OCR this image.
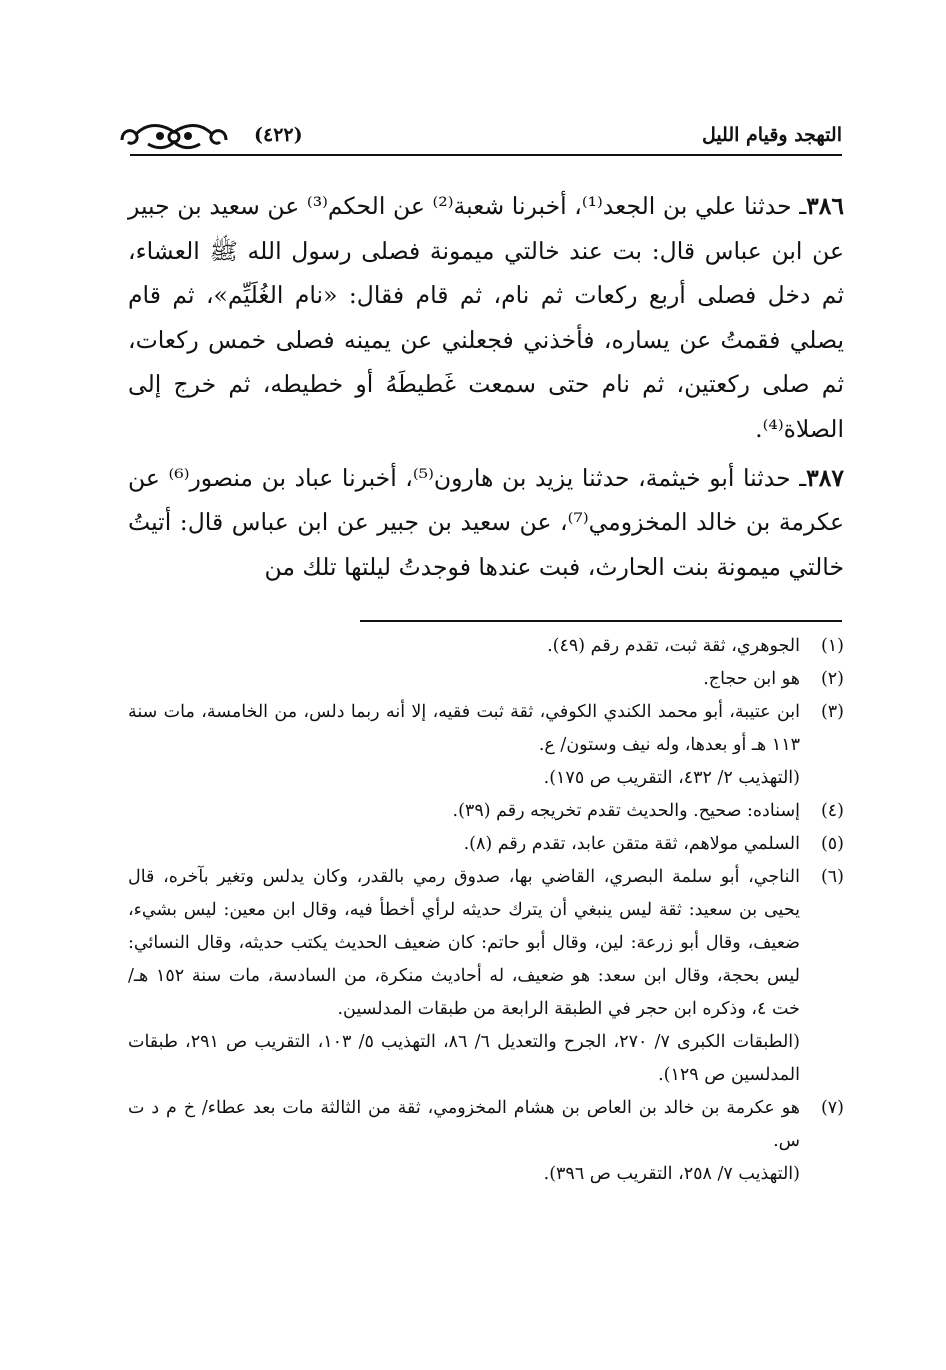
التهجد وقيام الليل
(٤٢٢)

٣٨٦ـ حدثنا علي بن الجعد⁽¹⁾، أخبرنا شعبة⁽²⁾ عن الحكم⁽³⁾ عن سعيد بن جبير عن ابن عباس قال: بت عند خالتي ميمونة فصلى رسول الله ﷺ العشاء، ثم دخل فصلى أربع ركعات ثم نام، ثم قام فقال: «نام الغُلَيِّم»، ثم قام يصلي فقمتُ عن يساره، فأخذني فجعلني عن يمينه فصلى خمس ركعات، ثم صلى ركعتين، ثم نام حتى سمعت غَطيطَهُ أو خطيطه، ثم خرج إلى الصلاة⁽⁴⁾.

٣٨٧ـ حدثنا أبو خيثمة، حدثنا يزيد بن هارون⁽⁵⁾، أخبرنا عباد بن منصور⁽⁶⁾ عن عكرمة بن خالد المخزومي⁽⁷⁾، عن سعيد بن جبير عن ابن عباس قال: أتيتُ خالتي ميمونة بنت الحارث، فبت عندها فوجدتُ ليلتها تلك من

(١)
الجوهري، ثقة ثبت، تقدم رقم (٤٩).
(٢)
هو ابن حجاج.
(٣)
ابن عتيبة، أبو محمد الكندي الكوفي، ثقة ثبت فقيه، إلا أنه ربما دلس، من الخامسة، مات سنة ١١٣ هـ أو بعدها، وله نيف وستون/ ع.
(التهذيب ٢/ ٤٣٢، التقريب ص ١٧٥).
(٤)
إسناده: صحيح. والحديث تقدم تخريجه رقم (٣٩).
(٥)
السلمي مولاهم، ثقة متقن عابد، تقدم رقم (٨).
(٦)
الناجي، أبو سلمة البصري، القاضي بها، صدوق رمي بالقدر، وكان يدلس وتغير بآخره، قال يحيى بن سعيد: ثقة ليس ينبغي أن يترك حديثه لرأي أخطأ فيه، وقال ابن معين: ليس بشيء، ضعيف، وقال أبو زرعة: لين، وقال أبو حاتم: كان ضعيف الحديث يكتب حديثه، وقال النسائي: ليس بحجة، وقال ابن سعد: هو ضعيف، له أحاديث منكرة، من السادسة، مات سنة ١٥٢ هـ/ خت ٤، وذكره ابن حجر في الطبقة الرابعة من طبقات المدلسين.
(الطبقات الكبرى ٧/ ٢٧٠، الجرح والتعديل ٦/ ٨٦، التهذيب ٥/ ١٠٣، التقريب ص ٢٩١، طبقات المدلسين ص ١٢٩).
(٧)
هو عكرمة بن خالد بن العاص بن هشام المخزومي، ثقة من الثالثة مات بعد عطاء/ خ م د ت س.
(التهذيب ٧/ ٢٥٨، التقريب ص ٣٩٦).
